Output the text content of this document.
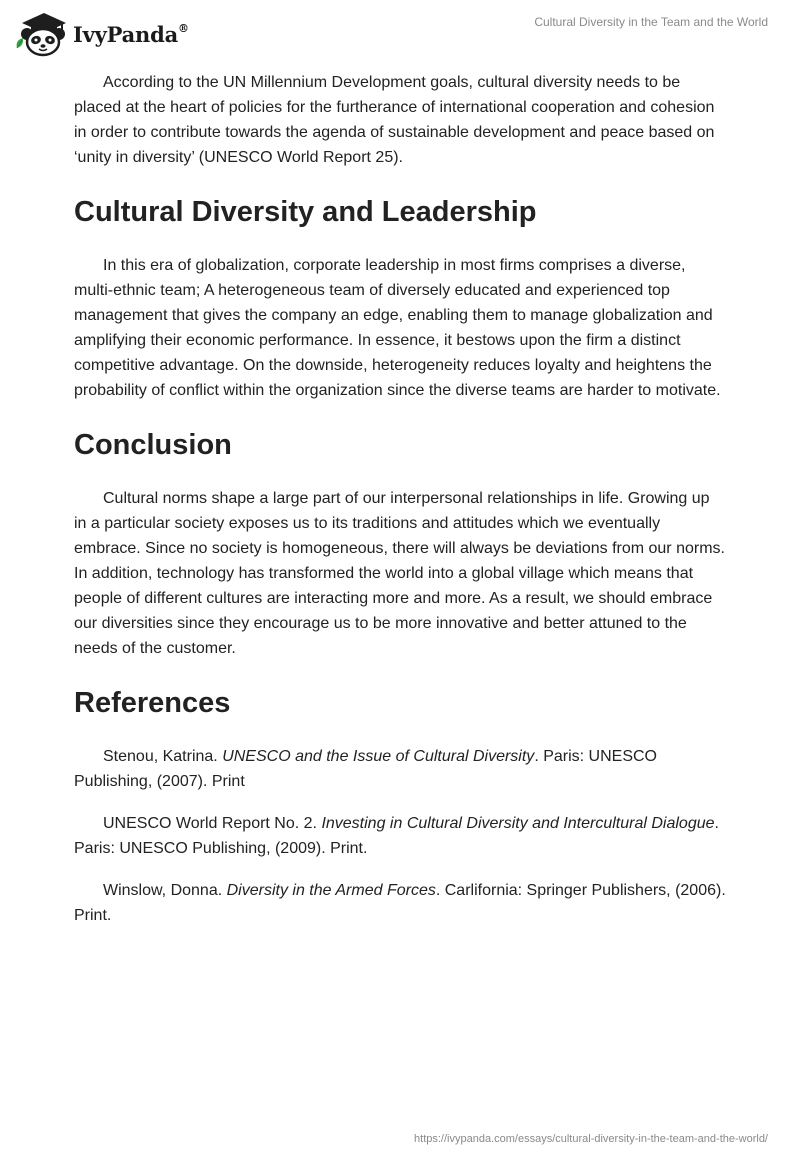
IvyPanda®	Cultural Diversity in the Team and the World

According to the UN Millennium Development goals, cultural diversity needs to be placed at the heart of policies for the furtherance of international cooperation and cohesion in order to contribute towards the agenda of sustainable development and peace based on ‘unity in diversity’ (UNESCO World Report 25).

Cultural Diversity and Leadership

In this era of globalization, corporate leadership in most firms comprises a diverse, multi-ethnic team; A heterogeneous team of diversely educated and experienced top management that gives the company an edge, enabling them to manage globalization and amplifying their economic performance. In essence, it bestows upon the firm a distinct competitive advantage. On the downside, heterogeneity reduces loyalty and heightens the probability of conflict within the organization since the diverse teams are harder to motivate.

Conclusion

Cultural norms shape a large part of our interpersonal relationships in life. Growing up in a particular society exposes us to its traditions and attitudes which we eventually embrace. Since no society is homogeneous, there will always be deviations from our norms. In addition, technology has transformed the world into a global village which means that people of different cultures are interacting more and more. As a result, we should embrace our diversities since they encourage us to be more innovative and better attuned to the needs of the customer.

References

Stenou, Katrina. UNESCO and the Issue of Cultural Diversity. Paris: UNESCO Publishing, (2007). Print

UNESCO World Report No. 2. Investing in Cultural Diversity and Intercultural Dialogue. Paris: UNESCO Publishing, (2009). Print.

Winslow, Donna. Diversity in the Armed Forces. Carlifornia: Springer Publishers, (2006). Print.

https://ivypanda.com/essays/cultural-diversity-in-the-team-and-the-world/
